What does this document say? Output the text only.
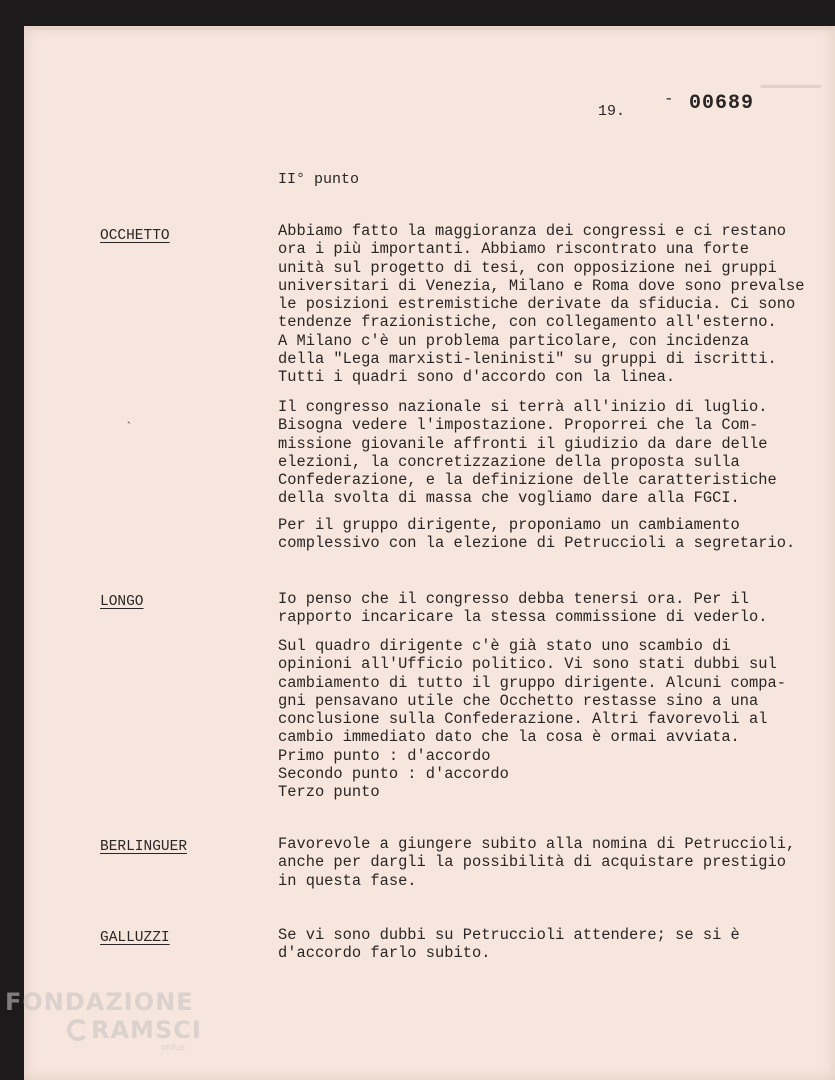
▁▁▁▁▁
19.
- 00689
II° punto
OCCHETTO	Abbiamo fatto la maggioranza dei congressi e ci restano
ora i più importanti. Abbiamo riscontrato una forte
unità sul progetto di tesi, con opposizione nei gruppi
universitari di Venezia, Milano e Roma dove sono prevalse
le posizioni estremistiche derivate da sfiducia. Ci sono
tendenze frazionistiche, con collegamento all'esterno.
A Milano c'è un problema particolare, con incidenza
della "Lega marxisti-leninisti" su gruppi di iscritti.
Tutti i quadri sono d'accordo con la linea.
Il congresso nazionale si terrà all'inizio di luglio.
Bisogna vedere l'impostazione. Proporrei che la Com-
missione giovanile affronti il giudizio da dare delle
elezioni, la concretizzazione della proposta sulla
Confederazione, e la definizione delle caratteristiche
della svolta di massa che vogliamo dare alla FGCI.
Per il gruppo dirigente, proponiamo un cambiamento
complessivo con la elezione di Petruccioli a segretario.
`
LONGO	Io penso che il congresso debba tenersi ora. Per il
rapporto incaricare la stessa commissione di vederlo.
Sul quadro dirigente c'è già stato uno scambio di
opinioni all'Ufficio politico. Vi sono stati dubbi sul
cambiamento di tutto il gruppo dirigente. Alcuni compa-
gni pensavano utile che Occhetto restasse sino a una
conclusione sulla Confederazione. Altri favorevoli al
cambio immediato dato che la cosa è ormai avviata.
Primo punto : d'accordo
Secondo punto : d'accordo
Terzo punto
BERLINGUER	Favorevole a giungere subito alla nomina di Petruccioli,
anche per dargli la possibilità di acquistare prestigio
in questa fase.
GALLUZZI	Se vi sono dubbi su Petruccioli attendere; se si è
d'accordo farlo subito.
FONDAZIONE
RAMSCI
onlus
